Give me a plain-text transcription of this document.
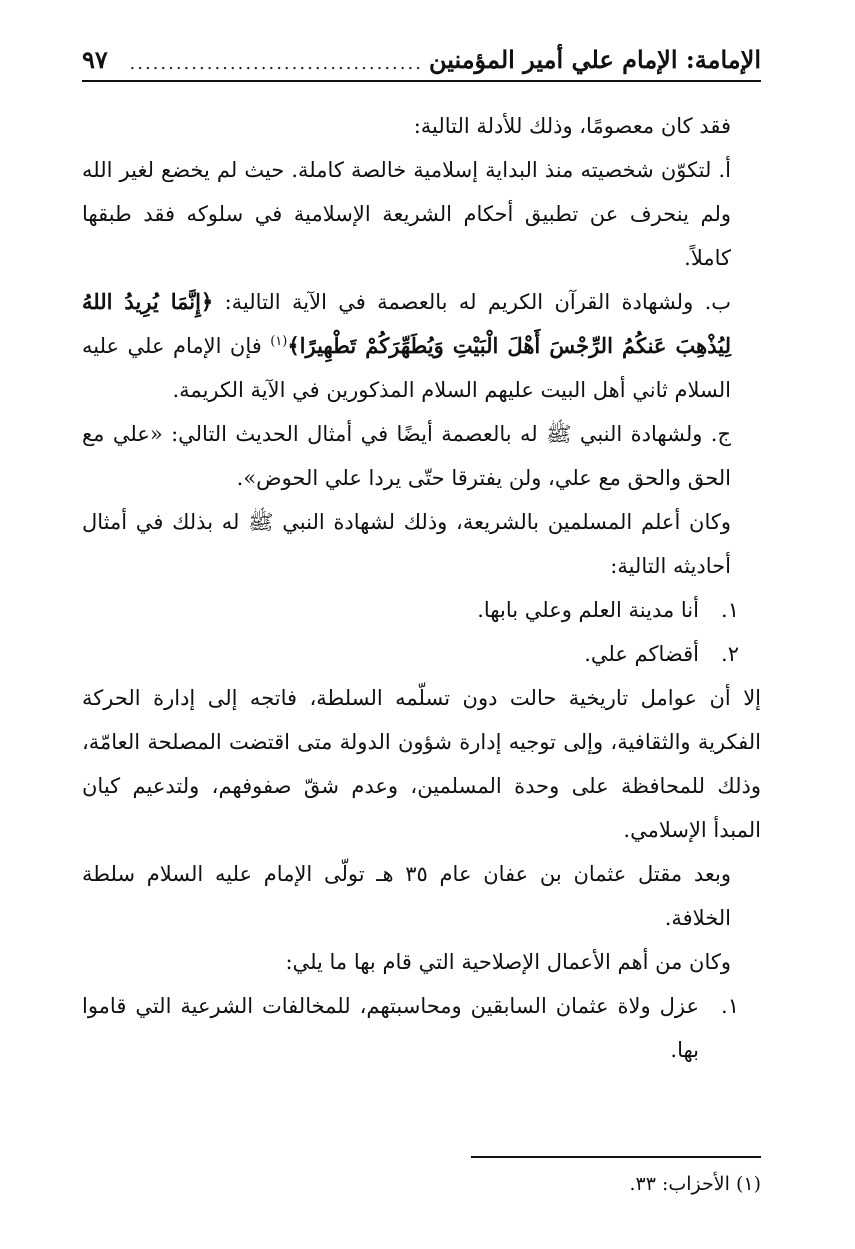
الإمامة: الإمام علي أمير المؤمنين
......................................
٩٧

فقد كان معصومًا، وذلك للأدلة التالية:

أ. لتكوّن شخصيته منذ البداية إسلامية خالصة كاملة. حيث لم يخضع لغير الله ولم ينحرف عن تطبيق أحكام الشريعة الإسلامية في سلوكه فقد طبقها كاملاً.

ب. ولشهادة القرآن الكريم له بالعصمة في الآية التالية: ﴿إِنَّمَا يُرِيدُ اللهُ لِيُذْهِبَ عَنكُمُ الرِّجْسَ أَهْلَ الْبَيْتِ وَيُطَهِّرَكُمْ تَطْهِيرًا﴾$^{(١)}$ فإن الإمام علي عليه السلام ثاني أهل البيت عليهم السلام المذكورين في الآية الكريمة.

ج. ولشهادة النبي ﷺ له بالعصمة أيضًا في أمثال الحديث التالي: «علي مع الحق والحق مع علي، ولن يفترقا حتّى يردا علي الحوض».

وكان أعلم المسلمين بالشريعة، وذلك لشهادة النبي ﷺ له بذلك في أمثال أحاديثه التالية:

١.
أنا مدينة العلم وعلي بابها.
٢.
أقضاكم علي.

إلا أن عوامل تاريخية حالت دون تسلّمه السلطة، فاتجه إلى إدارة الحركة الفكرية والثقافية، وإلى توجيه إدارة شؤون الدولة متى اقتضت المصلحة العامّة، وذلك للمحافظة على وحدة المسلمين، وعدم شقّ صفوفهم، ولتدعيم كيان المبدأ الإسلامي.

وبعد مقتل عثمان بن عفان عام ٣٥ هـ تولّى الإمام عليه السلام سلطة الخلافة.

وكان من أهم الأعمال الإصلاحية التي قام بها ما يلي:

١.
عزل ولاة عثمان السابقين ومحاسبتهم، للمخالفات الشرعية التي قاموا بها.
(١) الأحزاب: ٣٣.
